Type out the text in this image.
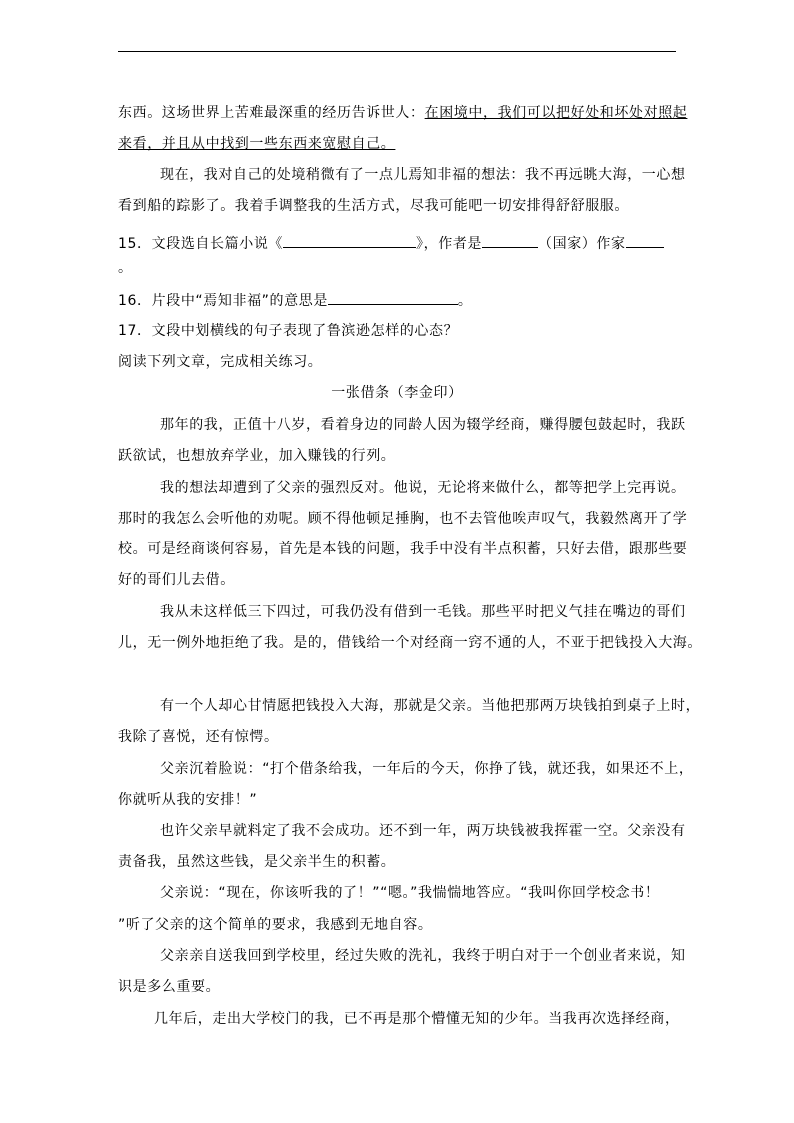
东西。这场世界上苦难最深重的经历告诉世人：在困境中，我们可以把好处和坏处对照起
来看，并且从中找到一些东西来宽慰自己。
现在，我对自己的处境稍微有了一点儿焉知非福的想法：我不再远眺大海，一心想
看到船的踪影了。我着手调整我的生活方式，尽我可能吧一切安排得舒舒服服。
15．文段选自长篇小说《	》，作者是	（国家）作家
。
16．片段中“焉知非福”的意思是	。
17．文段中划横线的句子表现了鲁滨逊怎样的心态？
阅读下列文章，完成相关练习。
一张借条（李金印）
那年的我，正值十八岁，看着身边的同龄人因为辍学经商，赚得腰包鼓起时，我跃
跃欲试，也想放弃学业，加入赚钱的行列。
我的想法却遭到了父亲的强烈反对。他说，无论将来做什么，都等把学上完再说。
那时的我怎么会听他的劝呢。顾不得他顿足捶胸，也不去管他唉声叹气，我毅然离开了学
校。可是经商谈何容易，首先是本钱的问题，我手中没有半点积蓄，只好去借，跟那些要
好的哥们儿去借。
我从未这样低三下四过，可我仍没有借到一毛钱。那些平时把义气挂在嘴边的哥们
儿，无一例外地拒绝了我。是的，借钱给一个对经商一窍不通的人，不亚于把钱投入大海。
有一个人却心甘情愿把钱投入大海，那就是父亲。当他把那两万块钱拍到桌子上时，
我除了喜悦，还有惊愕。
父亲沉着脸说：“打个借条给我，一年后的今天，你挣了钱，就还我，如果还不上，
你就听从我的安排！”
也许父亲早就料定了我不会成功。还不到一年，两万块钱被我挥霍一空。父亲没有
责备我，虽然这些钱，是父亲半生的积蓄。
父亲说：“现在，你该听我的了！”“嗯。”我惴惴地答应。“我叫你回学校念书！
”听了父亲的这个简单的要求，我感到无地自容。
父亲亲自送我回到学校里，经过失败的洗礼，我终于明白对于一个创业者来说，知
识是多么重要。
几年后，走出大学校门的我，已不再是那个懵懂无知的少年。当我再次选择经商，
